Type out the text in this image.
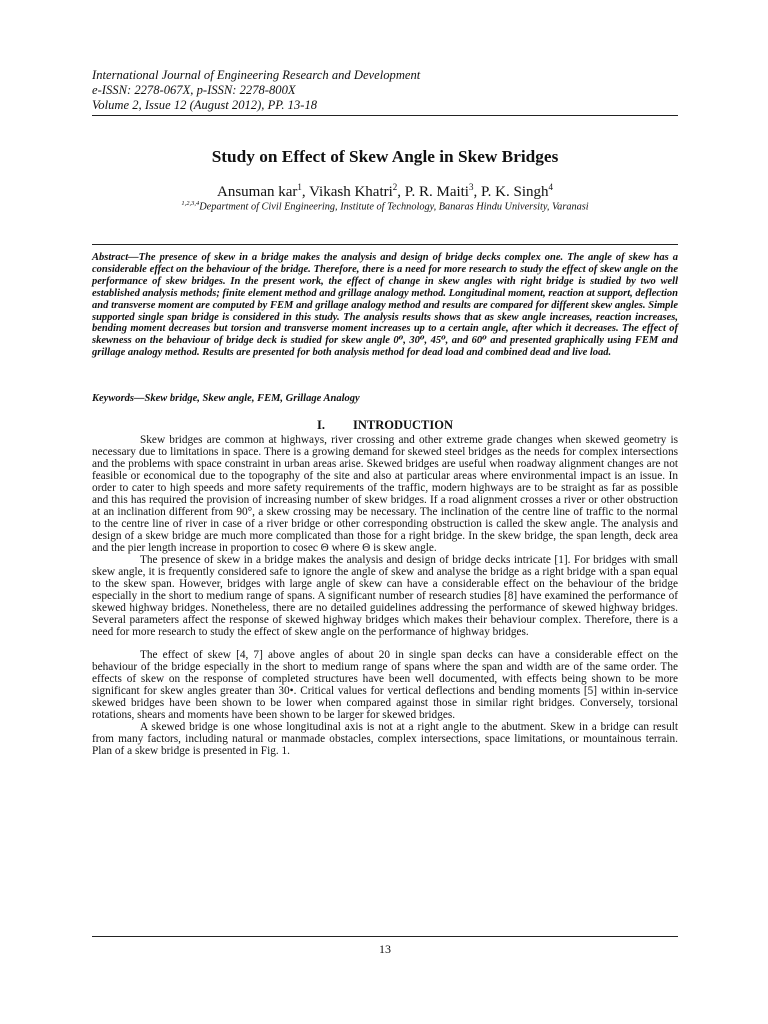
International Journal of Engineering Research and Development
e-ISSN: 2278-067X, p-ISSN: 2278-800X
Volume 2, Issue 12 (August 2012), PP. 13-18
Study on Effect of Skew Angle in Skew Bridges
Ansuman kar$^1$, Vikash Khatri$^2$, P. R. Maiti$^3$, P. K. Singh$^4$
$^{1,2,3,4}$Department of Civil Engineering, Institute of Technology, Banaras Hindu University, Varanasi
Abstract—The presence of skew in a bridge makes the analysis and design of bridge decks complex one. The angle of skew has a considerable effect on the behaviour of the bridge. Therefore, there is a need for more research to study the effect of skew angle on the performance of skew bridges. In the present work, the effect of change in skew angles with right bridge is studied by two well established analysis methods; finite element method and grillage analogy method. Longitudinal moment, reaction at support, deflection and transverse moment are computed by FEM and grillage analogy method and results are compared for different skew angles. Simple supported single span bridge is considered in this study. The analysis results shows that as skew angle increases, reaction increases, bending moment decreases but torsion and transverse moment increases up to a certain angle, after which it decreases. The effect of skewness on the behaviour of bridge deck is studied for skew angle 0⁰, 30⁰, 45⁰, and 60⁰ and presented graphically using FEM and grillage analogy method. Results are presented for both analysis method for dead load and combined dead and live load.
Keywords—Skew bridge, Skew angle, FEM, Grillage Analogy
I. INTRODUCTION

Skew bridges are common at highways, river crossing and other extreme grade changes when skewed geometry is necessary due to limitations in space. There is a growing demand for skewed steel bridges as the needs for complex intersections and the problems with space constraint in urban areas arise. Skewed bridges are useful when roadway alignment changes are not feasible or economical due to the topography of the site and also at particular areas where environmental impact is an issue. In order to cater to high speeds and more safety requirements of the traffic, modern highways are to be straight as far as possible and this has required the provision of increasing number of skew bridges. If a road alignment crosses a river or other obstruction at an inclination different from 90°, a skew crossing may be necessary. The inclination of the centre line of traffic to the normal to the centre line of river in case of a river bridge or other corresponding obstruction is called the skew angle. The analysis and design of a skew bridge are much more complicated than those for a right bridge. In the skew bridge, the span length, deck area and the pier length increase in proportion to cosec Θ where Θ is skew angle.

The presence of skew in a bridge makes the analysis and design of bridge decks intricate [1]. For bridges with small skew angle, it is frequently considered safe to ignore the angle of skew and analyse the bridge as a right bridge with a span equal to the skew span. However, bridges with large angle of skew can have a considerable effect on the behaviour of the bridge especially in the short to medium range of spans. A significant number of research studies [8] have examined the performance of skewed highway bridges. Nonetheless, there are no detailed guidelines addressing the performance of skewed highway bridges. Several parameters affect the response of skewed highway bridges which makes their behaviour complex. Therefore, there is a need for more research to study the effect of skew angle on the performance of highway bridges.

The effect of skew [4, 7] above angles of about 20 in single span decks can have a considerable effect on the behaviour of the bridge especially in the short to medium range of spans where the span and width are of the same order. The effects of skew on the response of completed structures have been well documented, with effects being shown to be more significant for skew angles greater than 30•. Critical values for vertical deflections and bending moments [5] within in-service skewed bridges have been shown to be lower when compared against those in similar right bridges. Conversely, torsional rotations, shears and moments have been shown to be larger for skewed bridges.

A skewed bridge is one whose longitudinal axis is not at a right angle to the abutment. Skew in a bridge can result from many factors, including natural or manmade obstacles, complex intersections, space limitations, or mountainous terrain. Plan of a skew bridge is presented in Fig. 1.

13
